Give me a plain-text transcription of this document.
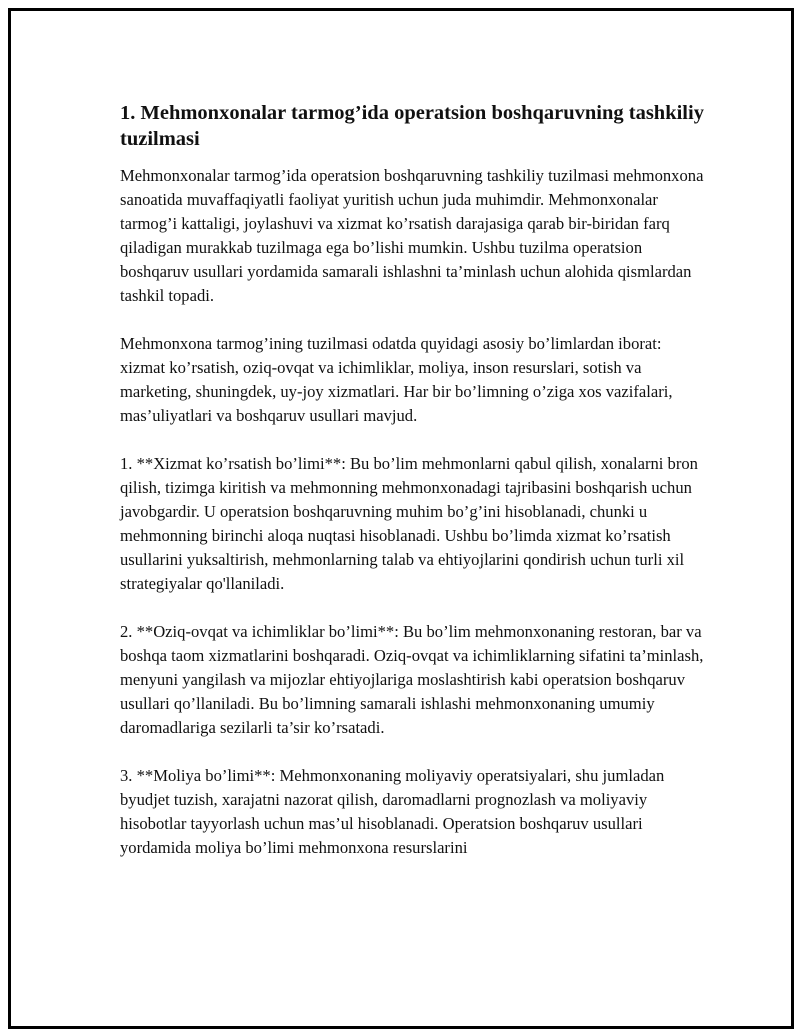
1. Mehmonxonalar tarmog’ida operatsion boshqaruvning tashkiliy tuzilmasi

Mehmonxonalar tarmog’ida operatsion boshqaruvning tashkiliy tuzilmasi mehmonxona sanoatida muvaffaqiyatli faoliyat yuritish uchun juda muhimdir. Mehmonxonalar tarmog’i kattaligi, joylashuvi va xizmat ko’rsatish darajasiga qarab bir-biridan farq qiladigan murakkab tuzilmaga ega bo’lishi mumkin. Ushbu tuzilma operatsion boshqaruv usullari yordamida samarali ishlashni ta’minlash uchun alohida qismlardan tashkil topadi.

Mehmonxona tarmog’ining tuzilmasi odatda quyidagi asosiy bo’limlardan iborat: xizmat ko’rsatish, oziq-ovqat va ichimliklar, moliya, inson resurslari, sotish va marketing, shuningdek, uy-joy xizmatlari. Har bir bo’limning o’ziga xos vazifalari, mas’uliyatlari va boshqaruv usullari mavjud.

1. **Xizmat ko’rsatish bo’limi**: Bu bo’lim mehmonlarni qabul qilish, xonalarni bron qilish, tizimga kiritish va mehmonning mehmonxonadagi tajribasini boshqarish uchun javobgardir. U operatsion boshqaruvning muhim bo’g’ini hisoblanadi, chunki u mehmonning birinchi aloqa nuqtasi hisoblanadi. Ushbu bo’limda xizmat ko’rsatish usullarini yuksaltirish, mehmonlarning talab va ehtiyojlarini qondirish uchun turli xil strategiyalar qo'llaniladi.

2. **Oziq-ovqat va ichimliklar bo’limi**: Bu bo’lim mehmonxonaning restoran, bar va boshqa taom xizmatlarini boshqaradi. Oziq-ovqat va ichimliklarning sifatini ta’minlash, menyuni yangilash va mijozlar ehtiyojlariga moslashtirish kabi operatsion boshqaruv usullari qo’llaniladi. Bu bo’limning samarali ishlashi mehmonxonaning umumiy daromadlariga sezilarli ta’sir ko’rsatadi.

3. **Moliya bo’limi**: Mehmonxonaning moliyaviy operatsiyalari, shu jumladan byudjet tuzish, xarajatni nazorat qilish, daromadlarni prognozlash va moliyaviy hisobotlar tayyorlash uchun mas’ul hisoblanadi. Operatsion boshqaruv usullari yordamida moliya bo’limi mehmonxona resurslarini
